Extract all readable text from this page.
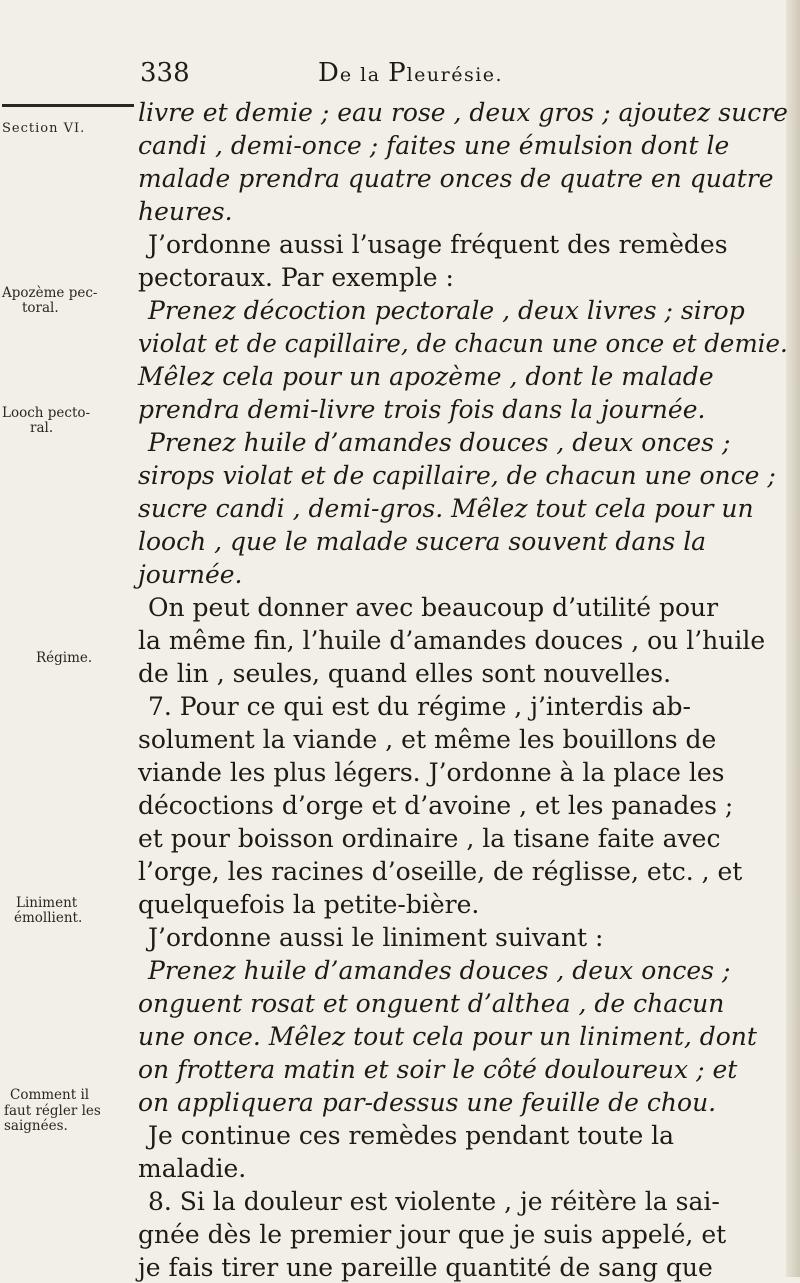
338	De la Pleurésie.
Section VI.
Apozème pec-
toral.
Looch pecto-
ral.
Régime.
Liniment
émollient.
Comment il
faut régler les
saignées.
livre et demie ; eau rose , deux gros ; ajoutez sucre
candi , demi-once ; faites une émulsion dont le
malade prendra quatre onces de quatre en quatre
heures.
J’ordonne aussi l’usage fréquent des remèdes
pectoraux. Par exemple :
Prenez décoction pectorale , deux livres ; sirop
violat et de capillaire, de chacun une once et demie.
Mêlez cela pour un apozème , dont le malade
prendra demi-livre trois fois dans la journée.
Prenez huile d’amandes douces , deux onces ;
sirops violat et de capillaire, de chacun une once ;
sucre candi , demi-gros. Mêlez tout cela pour un
looch , que le malade sucera souvent dans la
journée.
On peut donner avec beaucoup d’utilité pour
la même fin, l’huile d’amandes douces , ou l’huile
de lin , seules, quand elles sont nouvelles.
7. Pour ce qui est du régime , j’interdis ab-
solument la viande , et même les bouillons de
viande les plus légers. J’ordonne à la place les
décoctions d’orge et d’avoine , et les panades ;
et pour boisson ordinaire , la tisane faite avec
l’orge, les racines d’oseille, de réglisse, etc. , et
quelquefois la petite-bière.
J’ordonne aussi le liniment suivant :
Prenez huile d’amandes douces , deux onces ;
onguent rosat et onguent d’althea , de chacun
une once. Mêlez tout cela pour un liniment, dont
on frottera matin et soir le côté douloureux ; et
on appliquera par-dessus une feuille de chou.
Je continue ces remèdes pendant toute la
maladie.
8. Si la douleur est violente , je réitère la sai-
gnée dès le premier jour que je suis appelé, et
je fais tirer une pareille quantité de sang que
